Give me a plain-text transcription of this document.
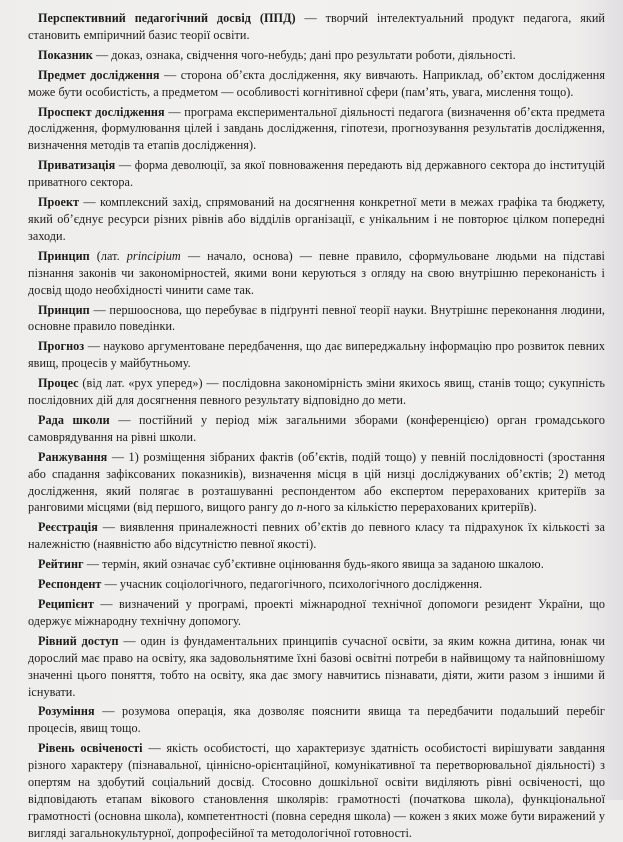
Перспективний педагогічний досвід (ППД) — творчий інтелектуальний продукт педагога, який становить емпіричний базис теорії освіти.

Показник — доказ, ознака, свідчення чого-небудь; дані про результати роботи, діяльності.

Предмет дослідження — сторона об’єкта дослідження, яку вивчають. Наприклад, об’єктом дослідження може бути особистість, а предметом — особливості когнітивної сфери (пам’ять, увага, мислення тощо).

Проспект дослідження — програма експериментальної діяльності педагога (визначення об’єкта предмета дослідження, формулювання цілей і завдань дослідження, гіпотези, прогнозування результатів дослідження, визначення методів та етапів дослідження).

Приватизація — форма деволюції, за якої повноваження передають від державного сектора до інституцій приватного сектора.

Проект — комплексний захід, спрямований на досягнення конкретної мети в межах графіка та бюджету, який об’єднує ресурси різних рівнів або відділів організації, є унікальним і не повторює цілком попередні заходи.

Принцип (лат. principium — начало, основа) — певне правило, сформульоване людьми на підставі пізнання законів чи закономірностей, якими вони керуються з огляду на свою внутрішню переконаність і досвід щодо необхідності чинити саме так.

Принцип — першооснова, що перебуває в підґрунті певної теорії науки. Внутрішнє переконання людини, основне правило поведінки.

Прогноз — науково аргументоване передбачення, що дає випереджальну інформацію про розвиток певних явищ, процесів у майбутньому.

Процес (від лат. «рух уперед») — послідовна закономірність зміни якихось явищ, станів тощо; сукупність послідовних дій для досягнення певного результату відповідно до мети.

Рада школи — постійний у період між загальними зборами (конференцією) орган громадського самоврядування на рівні школи.

Ранжування — 1) розміщення зібраних фактів (об’єктів, подій тощо) у певній послідовності (зростання або спадання зафіксованих показників), визначення місця в цій низці досліджуваних об’єктів; 2) метод дослідження, який полягає в розташуванні респондентом або експертом перерахованих критеріїв за ранговими місцями (від першого, вищого рангу до n-ного за кількістю перерахованих критеріїв).

Реєстрація — виявлення приналежності певних об’єктів до певного класу та підрахунок їх кількості за належністю (наявністю або відсутністю певної якості).

Рейтинг — термін, який означає суб’єктивне оцінювання будь-якого явища за заданою шкалою.

Респондент — учасник соціологічного, педагогічного, психологічного дослідження.

Реципієнт — визначений у програмі, проекті міжнародної технічної допомоги резидент України, що одержує міжнародну технічну допомогу.

Рівний доступ — один із фундаментальних принципів сучасної освіти, за яким кожна дитина, юнак чи дорослий має право на освіту, яка задовольнятиме їхні базові освітні потреби в найвищому та найповнішому значенні цього поняття, тобто на освіту, яка дає змогу навчитись пізнавати, діяти, жити разом з іншими й існувати.

Розуміння — розумова операція, яка дозволяє пояснити явища та передбачити подальший перебіг процесів, явищ тощо.

Рівень освіченості — якість особистості, що характеризує здатність особистості вирішувати завдання різного характеру (пізнавальної, ціннісно-орієнтаційної, комунікативної та перетворювальної діяльності) з опертям на здобутий соціальний досвід. Стосовно дошкільної освіти виділяють рівні освіченості, що відповідають етапам вікового становлення школярів: грамотності (початкова школа), функціональної грамотності (основна школа), компетентності (повна середня школа) — кожен з яких може бути виражений у вигляді загальнокультурної, допрофесійної та методологічної готовності.
